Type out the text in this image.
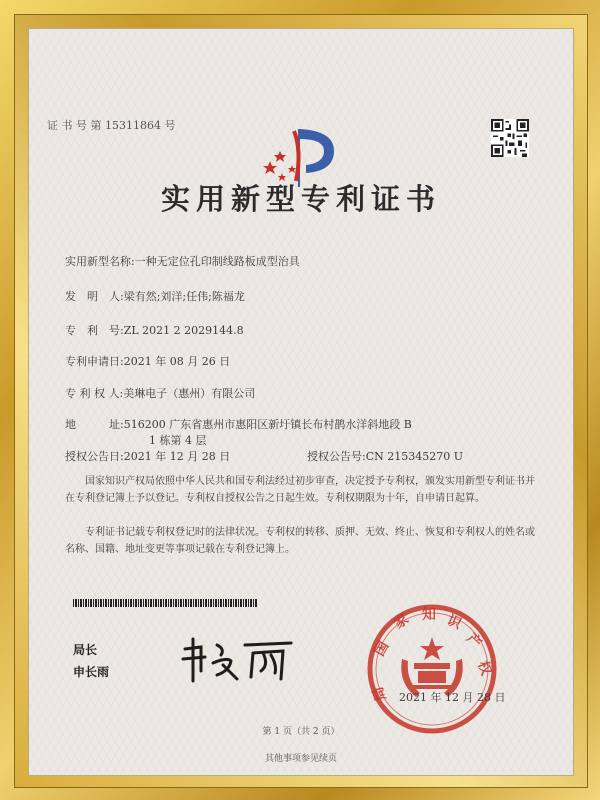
证 书 号 第 15311864 号
实用新型专利证书
实用新型名称:一种无定位孔印制线路板成型治具
发　明　人:梁有然;刘洋;任伟;陈福龙
专　利　号:ZL 2021 2 2029144.8
专利申请日:2021 年 08 月 26 日
专 利 权 人:美琳电子（惠州）有限公司
地　　　址:516200 广东省惠州市惠阳区新圩镇长布村鹊水洋斜地段 B
1 栋第 4 层
授权公告日:2021 年 12 月 28 日	授权公告号:CN 215345270 U
国家知识产权局依照中华人民共和国专利法经过初步审查，决定授予专利权，颁发实用新型专利证书并在专利登记簿上予以登记。专利权自授权公告之日起生效。专利权期限为十年，自申请日起算。
专利证书记载专利权登记时的法律状况。专利权的转移、质押、无效、终止、恢复和专利权人的姓名或名称、国籍、地址变更等事项记载在专利登记簿上。
局长
申长雨
国
家 知 识
产
权
局 2021 年 12 月 28 日
第 1 页（共 2 页）
其他事项参见续页
